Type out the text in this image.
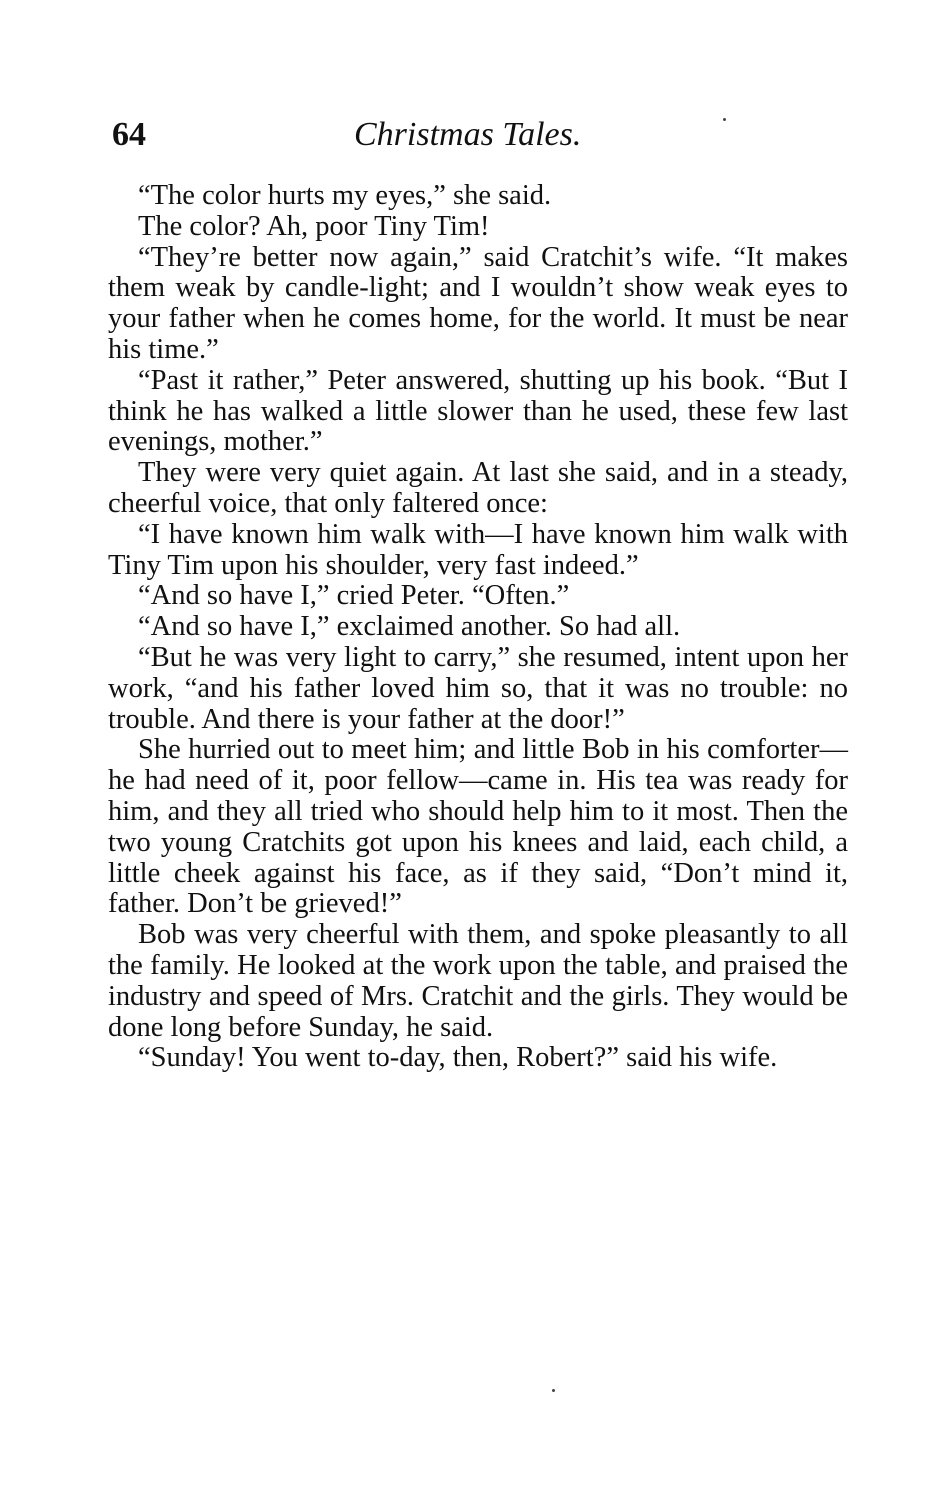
64	Christmas Tales.

“The color hurts my eyes,” she said.

The color? Ah, poor Tiny Tim!

“They’re better now again,” said Cratchit’s wife. “It makes them weak by candle-light; and I wouldn’t show weak eyes to your father when he comes home, for the world. It must be near his time.”

“Past it rather,” Peter answered, shutting up his book. “But I think he has walked a little slower than he used, these few last evenings, mother.”

They were very quiet again. At last she said, and in a steady, cheerful voice, that only faltered once:

“I have known him walk with—I have known him walk with Tiny Tim upon his shoulder, very fast indeed.”

“And so have I,” cried Peter. “Often.”

“And so have I,” exclaimed another. So had all.

“But he was very light to carry,” she resumed, intent upon her work, “and his father loved him so, that it was no trouble: no trouble. And there is your father at the door!”

She hurried out to meet him; and little Bob in his comforter—he had need of it, poor fellow—came in. His tea was ready for him, and they all tried who should help him to it most. Then the two young Cratchits got upon his knees and laid, each child, a little cheek against his face, as if they said, “Don’t mind it, father. Don’t be grieved!”

Bob was very cheerful with them, and spoke pleasantly to all the family. He looked at the work upon the table, and praised the industry and speed of Mrs. Cratchit and the girls. They would be done long before Sunday, he said.

“Sunday! You went to-day, then, Robert?” said his wife.
